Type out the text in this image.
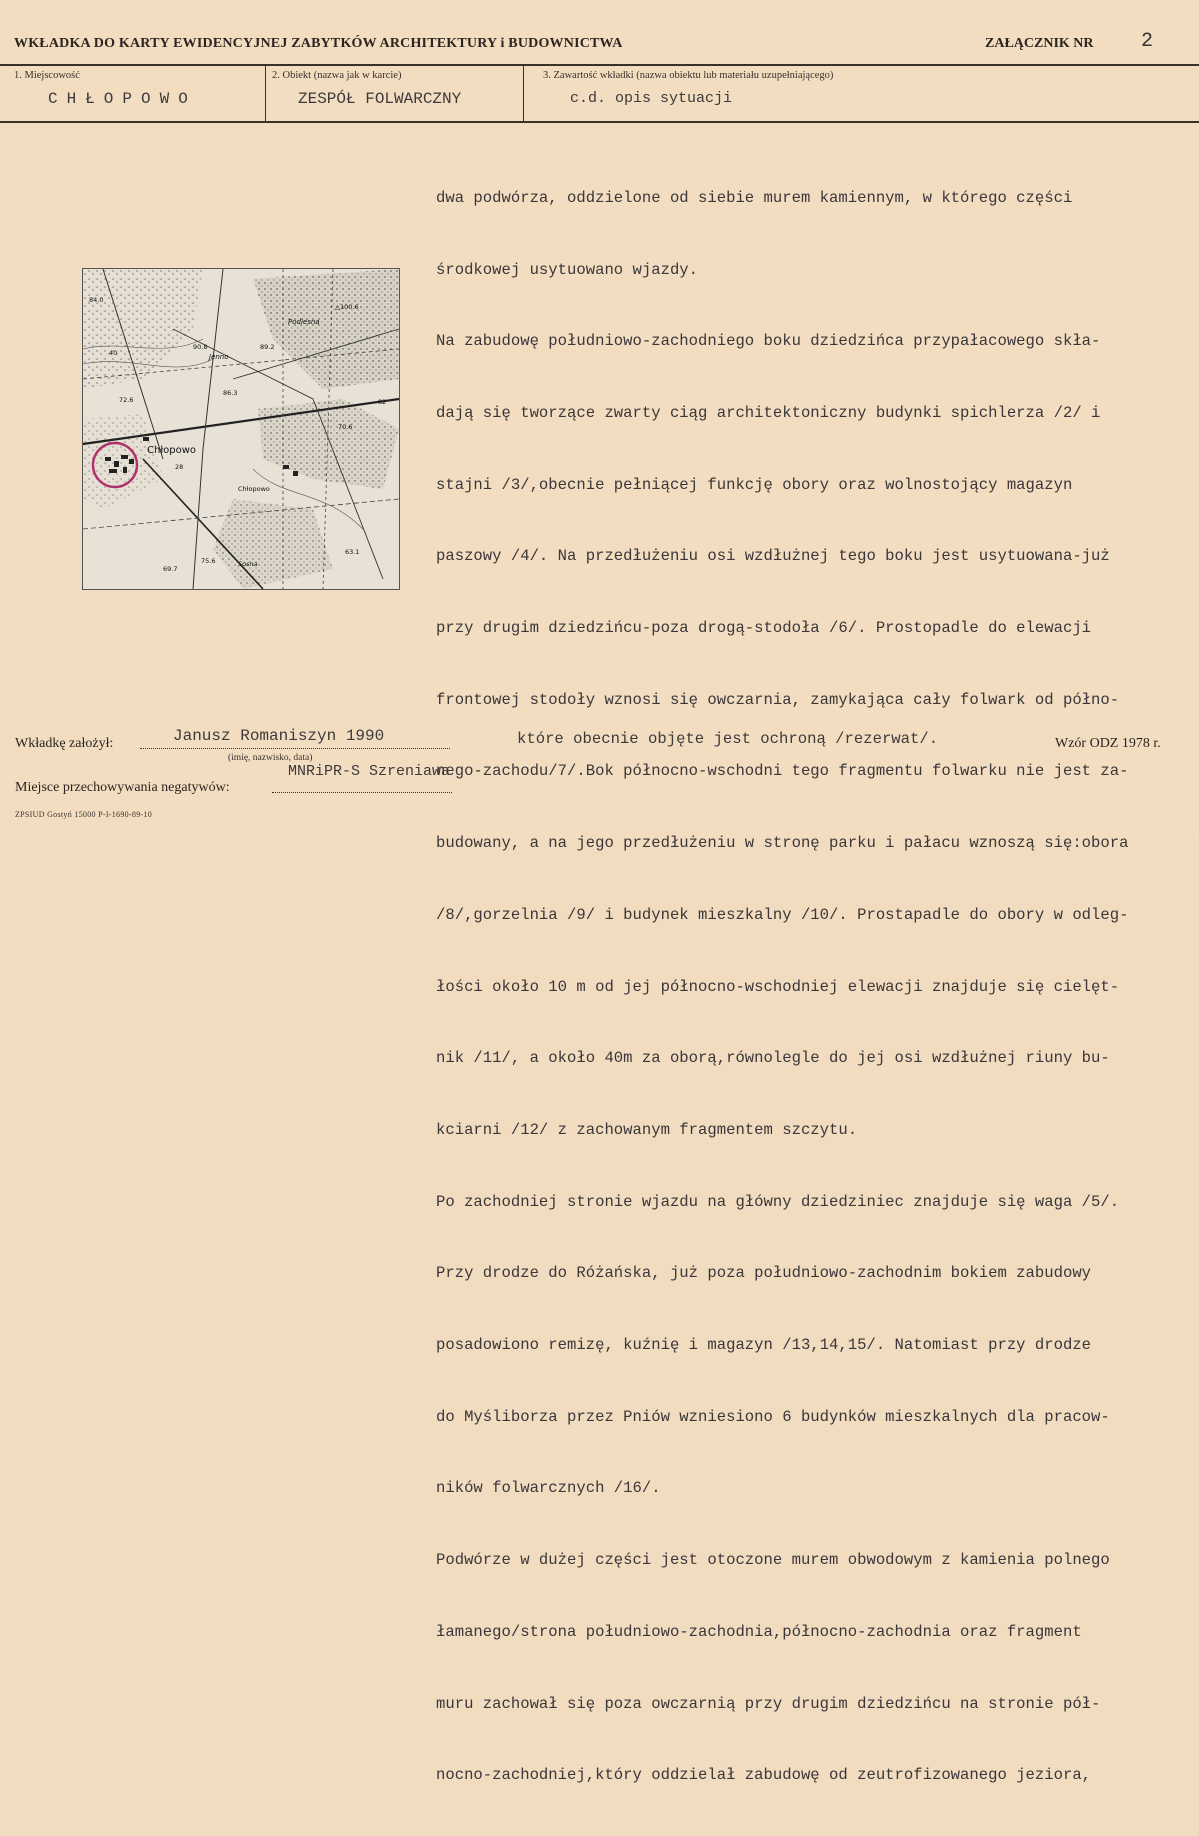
WKŁADKA DO KARTY EWIDENCYJNEJ ZABYTKÓW ARCHITEKTURY i BUDOWNICTWA	ZAŁĄCZNIK NR 2
1. Miejscowość
CHŁOPOWO
2. Obiekt (nazwa jak w karcie)
ZESPÓŁ FOLWARCZNY
3. Zawartość wkładki (nazwa obiektu lub materiału uzupełniającego)
c.d. opis sytuacji

dwa podwórza, oddzielone od siebie murem kamiennym, w którego części

środkowej usytuowano wjazdy.

Na zabudowę południowo-zachodniego boku dziedzińca przypałacowego skła-

dają się tworzące zwarty ciąg architektoniczny budynki spichlerza /2/ i

stajni /3/,obecnie pełniącej funkcję obory oraz wolnostojący magazyn

paszowy /4/. Na przedłużeniu osi wzdłużnej tego boku jest usytuowana-już

przy drugim dziedzińcu-poza drogą-stodoła /6/. Prostopadle do elewacji

frontowej stodoły wznosi się owczarnia, zamykająca cały folwark od półno-

nego-zachodu/7/.Bok północno-wschodni tego fragmentu folwarku nie jest za-

budowany, a na jego przedłużeniu w stronę parku i pałacu wznoszą się:obora

/8/,gorzelnia /9/ i budynek mieszkalny /10/. Prostapadle do obory w odleg-

łości około 10 m od jej północno-wschodniej elewacji znajduje się cielęt-

nik /11/, a około 40m za oborą,równolegle do jej osi wzdłużnej riuny bu-

kciarni /12/ z zachowanym fragmentem szczytu.

Po zachodniej stronie wjazdu na główny dziedziniec znajduje się waga /5/.

Przy drodze do Różańska, już poza południowo-zachodnim bokiem zabudowy

posadowiono remizę, kuźnię i magazyn /13,14,15/. Natomiast przy drodze

do Myśliborza przez Pniów wzniesiono 6 budynków mieszkalnych dla pracow-

ników folwarcznych /16/.

Podwórze w dużej części jest otoczone murem obwodowym z kamienia polnego

łamanego/strona południowo-zachodnia,północno-zachodnia oraz fragment

muru zachował się poza owczarnią przy drugim dziedzińcu na stronie pół-

nocno-zachodniej,który oddzielał zabudowę od zeutrofizowanego jeziora,

które obecnie objęte jest ochroną /rezerwat/.
Chłopowo
Podlesna
Jenno
Chłopowo
Sosna
84.0
△100.6
89.2
72.6
90.8
86.3
70.6
82
28
75.6
69.7
63.1
40
Wkładkę założył:	Janusz Romaniszyn 1990
(imię, nazwisko, data)
MNRiPR-S Szreniawa
Miejsce przechowywania negatywów:
Wzór ODZ 1978 r.
ZPSIUD Gostyń 15000 P-I-1690-89-10
